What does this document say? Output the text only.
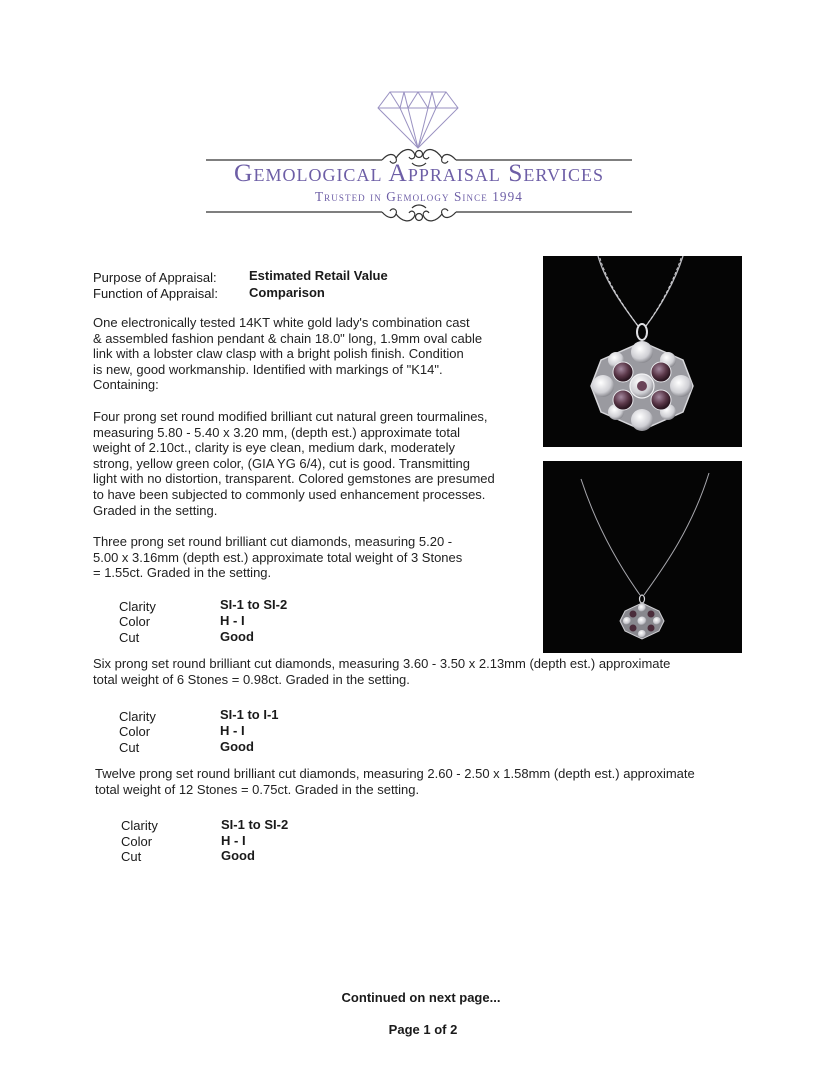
Gemological Appraisal Services
Trusted in Gemology Since 1994
Purpose of Appraisal: Estimated Retail Value
Function of Appraisal: Comparison
One electronically tested 14KT white gold lady's combination cast
& assembled fashion pendant & chain 18.0" long, 1.9mm oval cable
link with a lobster claw clasp with a bright polish finish. Condition
is new, good workmanship. Identified with markings of "K14".
Containing:
Four prong set round modified brilliant cut natural green tourmalines,
measuring 5.80 - 5.40 x 3.20 mm, (depth est.) approximate total
weight of 2.10ct., clarity is eye clean, medium dark, moderately
strong, yellow green color, (GIA YG 6/4), cut is good. Transmitting
light with no distortion, transparent. Colored gemstones are presumed
to have been subjected to commonly used enhancement processes.
Graded in the setting.
Three prong set round brilliant cut diamonds, measuring 5.20 -
5.00 x 3.16mm (depth est.) approximate total weight of 3 Stones
= 1.55ct. Graded in the setting.
Clarity
Color
Cut
SI-1 to SI-2
H - I
Good
Six prong set round brilliant cut diamonds, measuring 3.60 - 3.50 x 2.13mm (depth est.) approximate
total weight of 6 Stones = 0.98ct. Graded in the setting.
Clarity
Color
Cut
SI-1 to I-1
H - I
Good
Twelve prong set round brilliant cut diamonds, measuring 2.60 - 2.50 x 1.58mm (depth est.) approximate
total weight of 12 Stones = 0.75ct. Graded in the setting.
Clarity
Color
Cut
SI-1 to SI-2
H - I
Good
Continued on next page...
Page 1 of 2
